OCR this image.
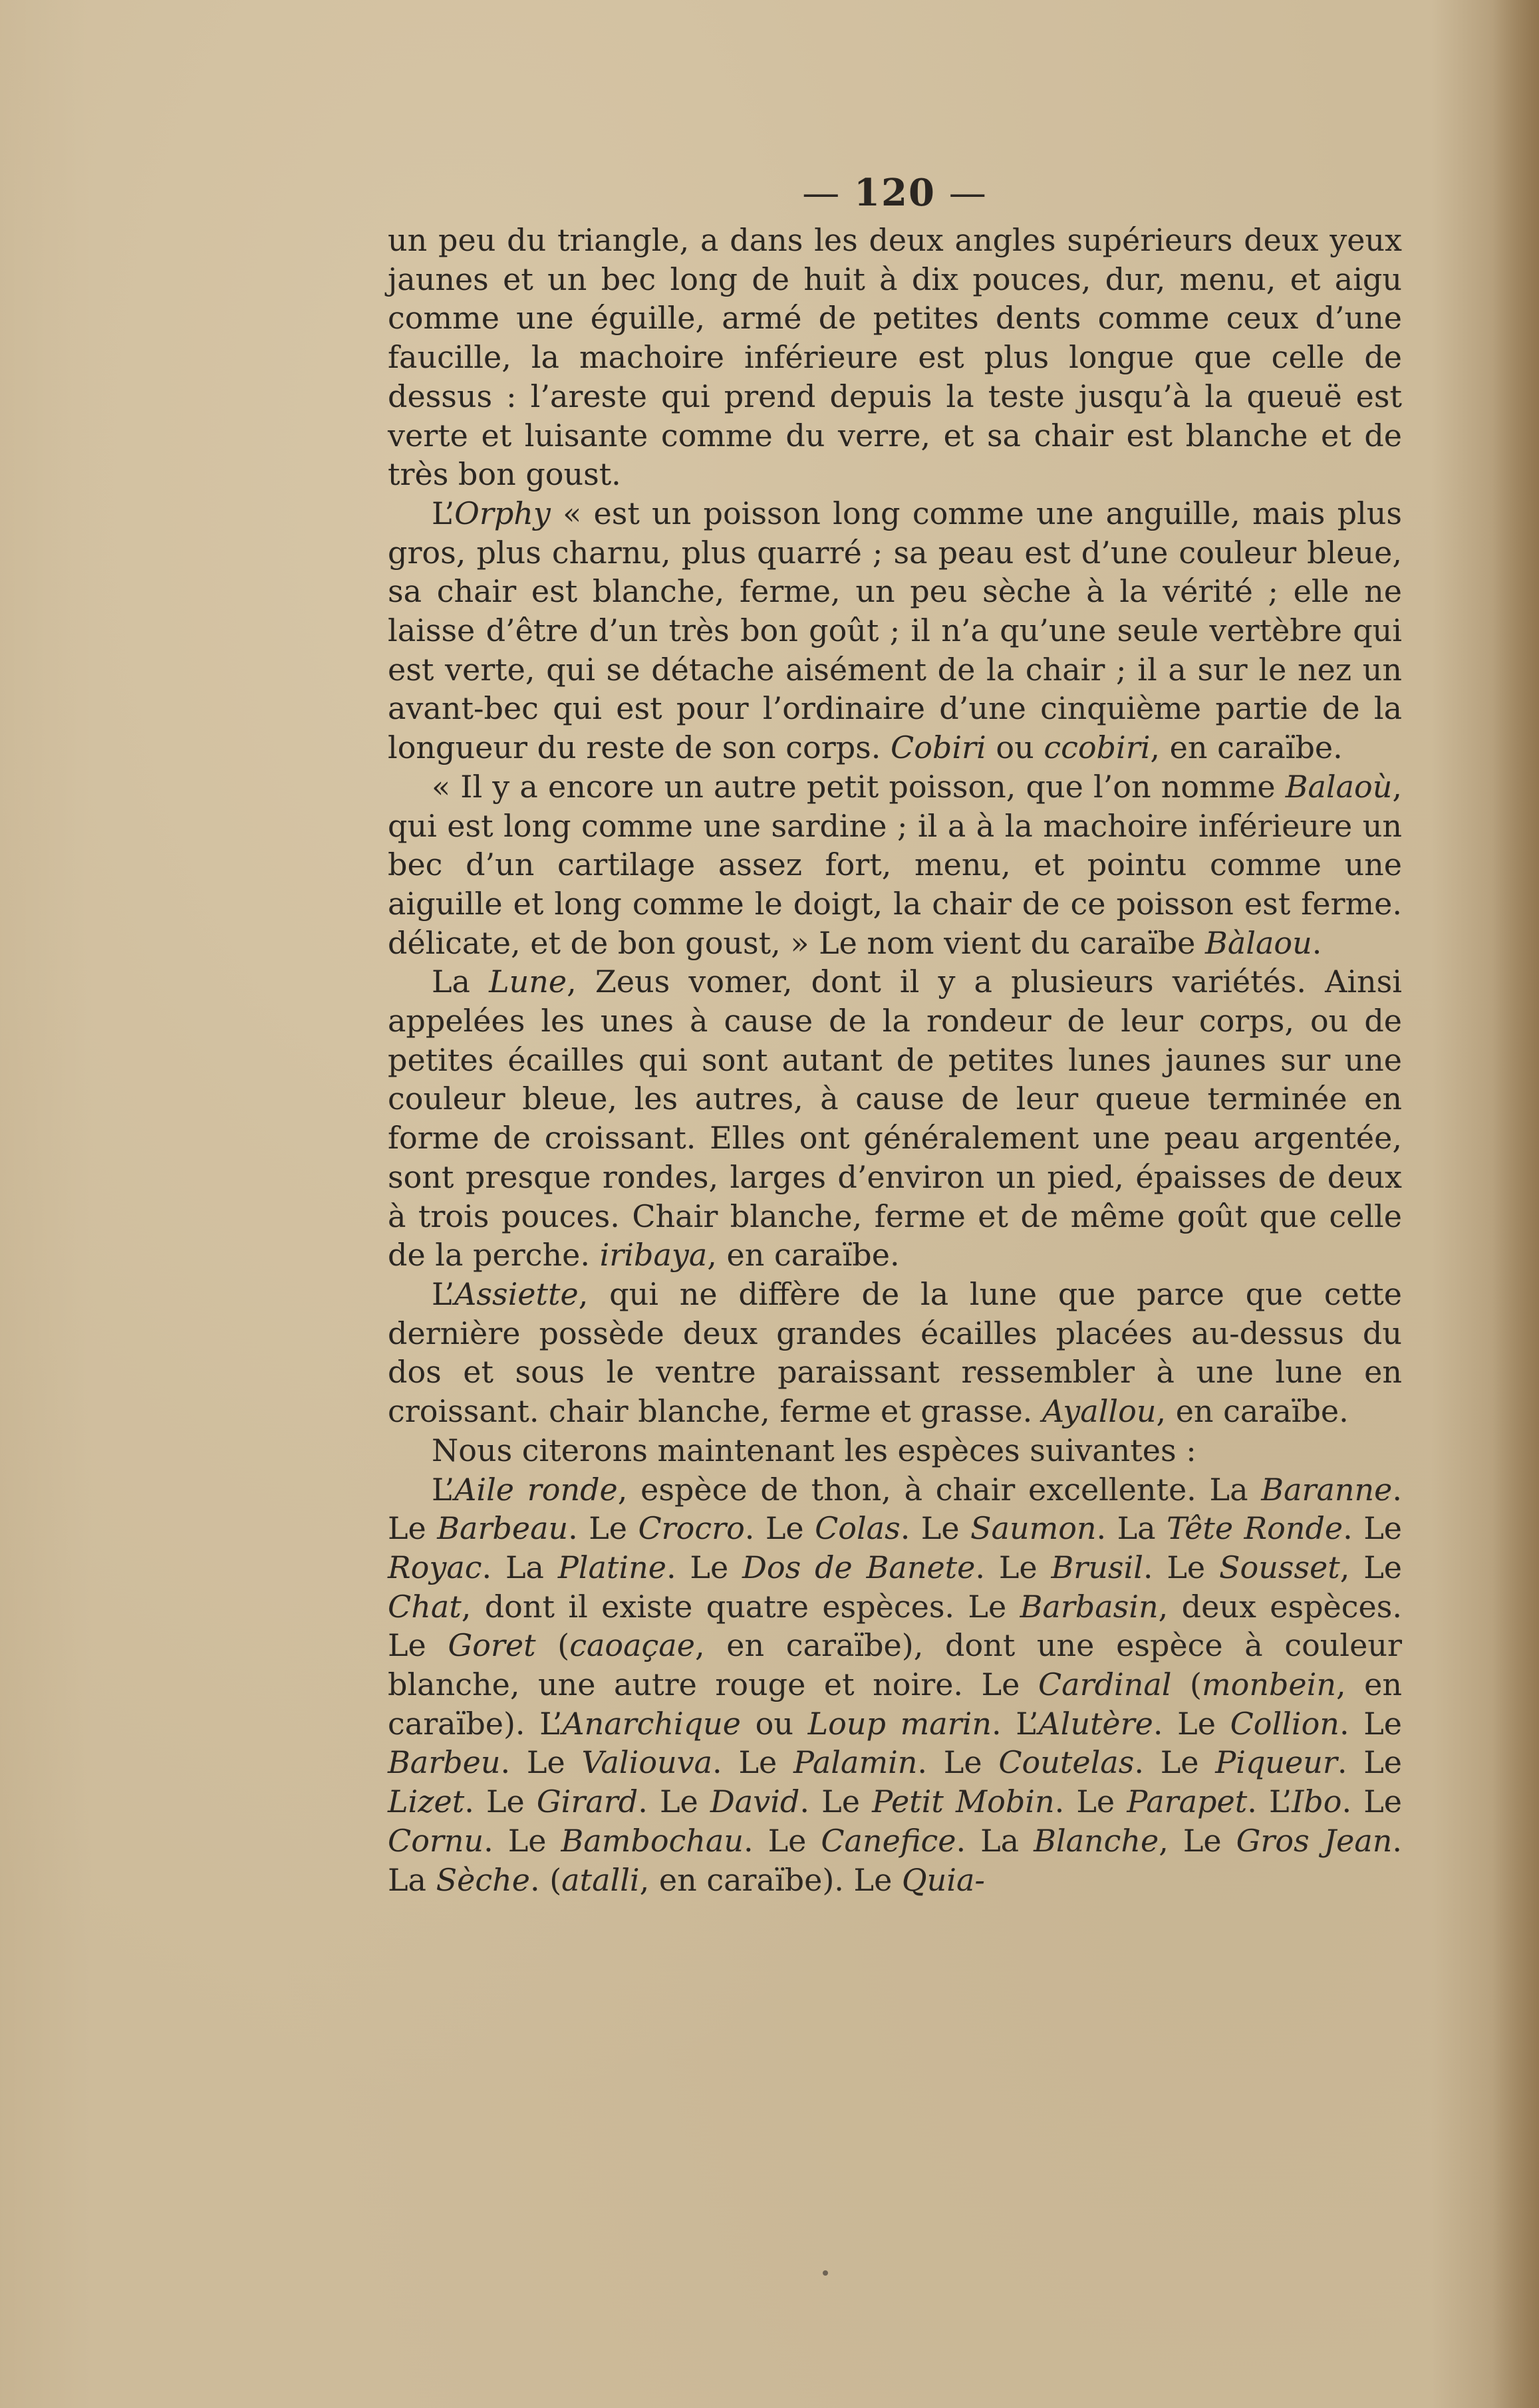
— 120 —

un peu du triangle, a dans les deux angles supérieurs deux yeux jaunes et un bec long de huit à dix pouces, dur, menu, et aigu comme une éguille, armé de petites dents comme ceux d’une faucille, la machoire inférieure est plus longue que celle de dessus : l’areste qui prend depuis la teste jusqu’à la queuë est verte et luisante comme du verre, et sa chair est blanche et de très bon goust.

L’Orphy « est un poisson long comme une anguille, mais plus gros, plus charnu, plus quarré ; sa peau est d’une couleur bleue, sa chair est blanche, ferme, un peu sèche à la vérité ; elle ne laisse d’être d’un très bon goût ; il n’a qu’une seule vertèbre qui est verte, qui se détache aisément de la chair ; il a sur le nez un avant-bec qui est pour l’ordinaire d’une cinquième partie de la longueur du reste de son corps. Cobiri ou ccobiri, en caraïbe.

« Il y a encore un autre petit poisson, que l’on nomme Balaoù, qui est long comme une sardine ; il a à la machoire inférieure un bec d’un cartilage assez fort, menu, et pointu comme une aiguille et long comme le doigt, la chair de ce poisson est ferme. délicate, et de bon goust, » Le nom vient du caraïbe Bàlaou.

La Lune, Zeus vomer, dont il y a plusieurs variétés. Ainsi appelées les unes à cause de la rondeur de leur corps, ou de petites écailles qui sont autant de petites lunes jaunes sur une couleur bleue, les autres, à cause de leur queue terminée en forme de croissant. Elles ont généralement une peau argentée, sont presque rondes, larges d’environ un pied, épaisses de deux à trois pouces. Chair blanche, ferme et de même goût que celle de la perche. iribaya, en caraïbe.

L’Assiette, qui ne diffère de la lune que parce que cette dernière possède deux grandes écailles placées au-dessus du dos et sous le ventre paraissant ressembler à une lune en croissant. chair blanche, ferme et grasse. Ayallou, en caraïbe.

Nous citerons maintenant les espèces suivantes :

L’Aile ronde, espèce de thon, à chair excellente. La Baranne. Le Barbeau. Le Crocro. Le Colas. Le Saumon. La Tête Ronde. Le Royac. La Platine. Le Dos de Banete. Le Brusil. Le Sousset, Le Chat, dont il existe quatre espèces. Le Barbasin, deux espèces. Le Goret (caoaçae, en caraïbe), dont une espèce à couleur blanche, une autre rouge et noire. Le Cardinal (monbein, en caraïbe). L’Anarchique ou Loup marin. L’Alutère. Le Collion. Le Barbeu. Le Valiouva. Le Palamin. Le Coutelas. Le Piqueur. Le Lizet. Le Girard. Le David. Le Petit Mobin. Le Parapet. L’Ibo. Le Cornu. Le Bambochau. Le Canefice. La Blanche, Le Gros Jean. La Sèche. (atalli, en caraïbe). Le Quia-
